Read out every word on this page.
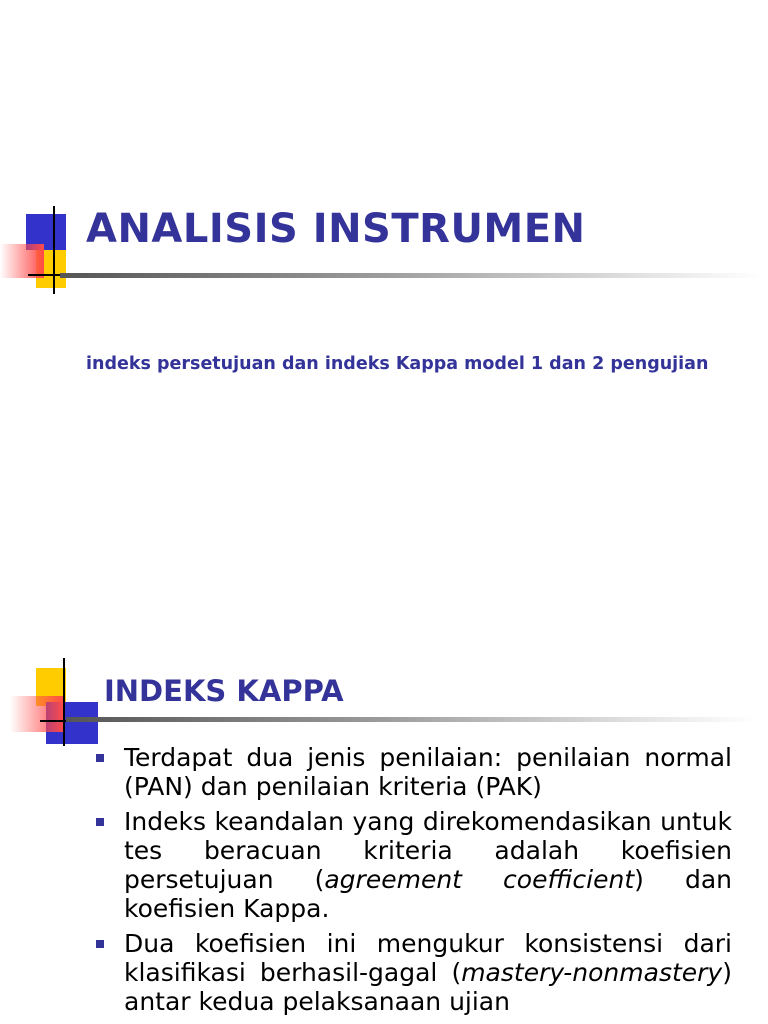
ANALISIS INSTRUMEN

indeks persetujuan dan indeks Kappa model 1 dan 2 pengujian

INDEKS KAPPA
Terdapat dua jenis penilaian: penilaian normal (PAN) dan penilaian kriteria (PAK)
Indeks keandalan yang direkomendasikan untuk tes beracuan kriteria adalah koefisien persetujuan (agreement coefficient) dan koefisien Kappa.
Dua koefisien ini mengukur konsistensi dari klasifikasi berhasil-gagal (mastery-nonmastery) antar kedua pelaksanaan ujian
